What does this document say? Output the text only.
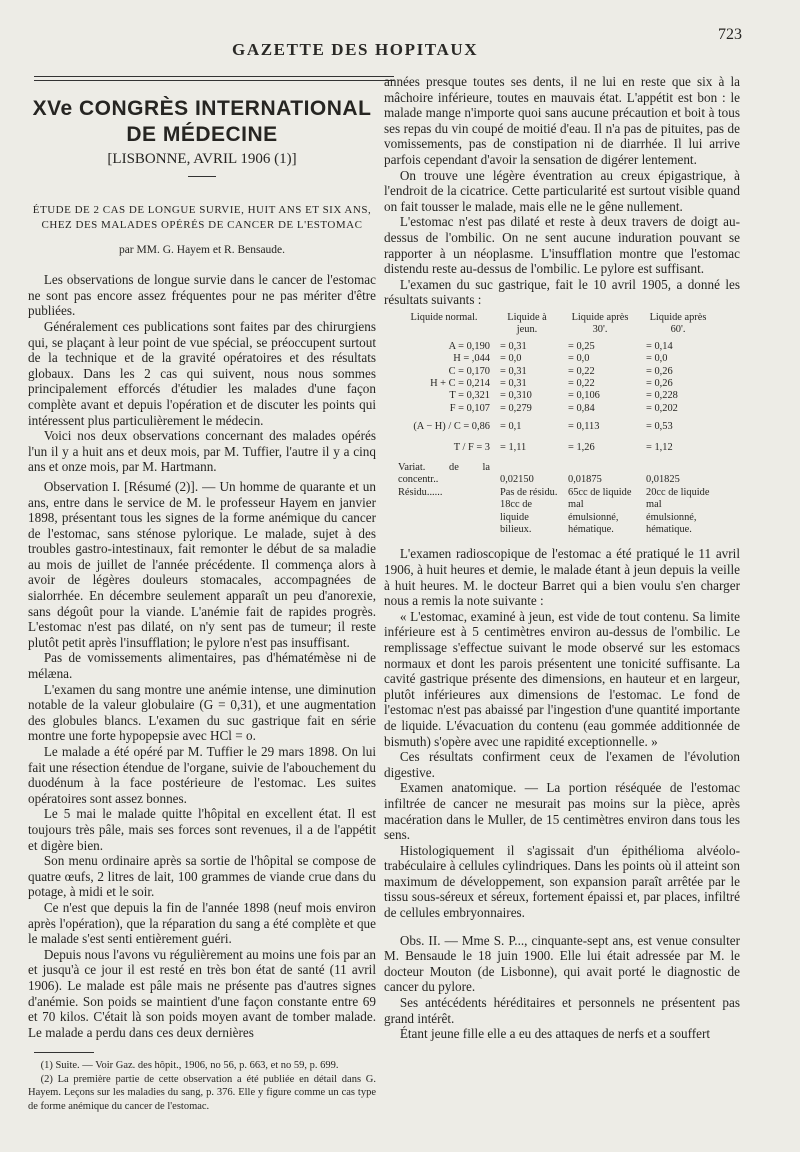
GAZETTE DES HOPITAUX
723
XVe CONGRÈS INTERNATIONAL DE MÉDECINE
[LISBONNE, AVRIL 1906 (1)]
ÉTUDE DE 2 CAS DE LONGUE SURVIE, HUIT ANS ET SIX ANS,
CHEZ DES MALADES OPÉRÉS DE CANCER DE L'ESTOMAC
par MM. G. Hayem et R. Bensaude.

Les observations de longue survie dans le cancer de l'estomac ne sont pas encore assez fréquentes pour ne pas mériter d'être publiées.

Généralement ces publications sont faites par des chirurgiens qui, se plaçant à leur point de vue spécial, se préoccupent surtout de la technique et de la gravité opératoires et des résultats globaux. Dans les 2 cas qui suivent, nous nous sommes principalement efforcés d'étudier les malades d'une façon complète avant et depuis l'opération et de discuter les points qui intéressent plus particulièrement le médecin.

Voici nos deux observations concernant des malades opérés l'un il y a huit ans et deux mois, par M. Tuffier, l'autre il y a cinq ans et onze mois, par M. Hartmann.

Observation I. [Résumé (2)]. — Un homme de quarante et un ans, entre dans le service de M. le professeur Hayem en janvier 1898, présentant tous les signes de la forme anémique du cancer de l'estomac, sans sténose pylorique. Le malade, sujet à des troubles gastro-intestinaux, fait remonter le début de sa maladie au mois de juillet de l'année précédente. Il commença alors à avoir de légères douleurs stomacales, accompagnées de sialorrhée. En décembre seulement apparaît un peu d'anorexie, sans dégoût pour la viande. L'anémie fait de rapides progrès. L'estomac n'est pas dilaté, on n'y sent pas de tumeur; il reste plutôt petit après l'insufflation; le pylore n'est pas insuffisant.

Pas de vomissements alimentaires, pas d'hématémèse ni de mélæna.

L'examen du sang montre une anémie intense, une diminution notable de la valeur globulaire (G = 0,31), et une augmentation des globules blancs. L'examen du suc gastrique fait en série montre une forte hypopepsie avec HCl = o.

Le malade a été opéré par M. Tuffier le 29 mars 1898. On lui fait une résection étendue de l'organe, suivie de l'abouchement du duodénum à la face postérieure de l'estomac. Les suites opératoires sont assez bonnes.

Le 5 mai le malade quitte l'hôpital en excellent état. Il est toujours très pâle, mais ses forces sont revenues, il a de l'appétit et digère bien.

Son menu ordinaire après sa sortie de l'hôpital se compose de quatre œufs, 2 litres de lait, 100 grammes de viande crue dans du potage, à midi et le soir.

Ce n'est que depuis la fin de l'année 1898 (neuf mois environ après l'opération), que la réparation du sang a été complète et que le malade s'est senti entièrement guéri.

Depuis nous l'avons vu régulièrement au moins une fois par an et jusqu'à ce jour il est resté en très bon état de santé (11 avril 1906). Le malade est pâle mais ne présente pas d'autres signes d'anémie. Son poids se maintient d'une façon constante entre 69 et 70 kilos. C'était là son poids moyen avant de tomber malade. Le malade a perdu dans ces deux dernières

(1) Suite. — Voir Gaz. des hôpit., 1906, no 56, p. 663, et no 59, p. 699.

(2) La première partie de cette observation a été publiée en détail dans G. Hayem. Leçons sur les maladies du sang, p. 376. Elle y figure comme un cas type de forme anémique du cancer de l'estomac.

années presque toutes ses dents, il ne lui en reste que six à la mâchoire inférieure, toutes en mauvais état. L'appétit est bon : le malade mange n'importe quoi sans aucune précaution et boit à tous ses repas du vin coupé de moitié d'eau. Il n'a pas de pituites, pas de vomissements, pas de constipation ni de diarrhée. Il lui arrive parfois cependant d'avoir la sensation de digérer lentement.

On trouve une légère éventration au creux épigastrique, à l'endroit de la cicatrice. Cette particularité est surtout visible quand on fait tousser le malade, mais elle ne le gêne nullement.

L'estomac n'est pas dilaté et reste à deux travers de doigt au-dessus de l'ombilic. On ne sent aucune induration pouvant se rapporter à un néoplasme. L'insufflation montre que l'estomac distendu reste au-dessus de l'ombilic. Le pylore est suffisant.

L'examen du suc gastrique, fait le 10 avril 1905, a donné les résultats suivants :

Liquide normal.	Liquide à jeun.	Liquide après 30'.	Liquide après 60'.
A = 0,190	= 0,31	= 0,25	= 0,14
H = ,044	= 0,0	= 0,0	= 0,0
C = 0,170	= 0,31	= 0,22	= 0,26
H + C = 0,214	= 0,31	= 0,22	= 0,26
T = 0,321	= 0,310	= 0,106	= 0,228
F = 0,107	= 0,279	= 0,84	= 0,202
(A − H) / C = 0,86	= 0,1	= 0,113	= 0,53
T / F = 3	= 1,11	= 1,26	= 1,12
Variat. de la concentr..	0,02150	0,01875	0,01825
Résidu......	Pas de résidu. 18cc de liquide bilieux.	65cc de liquide mal émulsionné, hématique.	20cc de liquide mal émulsionné, hématique.

L'examen radioscopique de l'estomac a été pratiqué le 11 avril 1906, à huit heures et demie, le malade étant à jeun depuis la veille à huit heures. M. le docteur Barret qui a bien voulu s'en charger nous a remis la note suivante :

« L'estomac, examiné à jeun, est vide de tout contenu. Sa limite inférieure est à 5 centimètres environ au-dessus de l'ombilic. Le remplissage s'effectue suivant le mode observé sur les estomacs normaux et dont les parois présentent une tonicité suffisante. La cavité gastrique présente des dimensions, en hauteur et en largeur, plutôt inférieures aux dimensions de l'estomac. Le fond de l'estomac n'est pas abaissé par l'ingestion d'une quantité importante de liquide. L'évacuation du contenu (eau gommée additionnée de bismuth) s'opère avec une rapidité exceptionnelle. »

Ces résultats confirment ceux de l'examen de l'évolution digestive.

Examen anatomique. — La portion réséquée de l'estomac infiltrée de cancer ne mesurait pas moins sur la pièce, après macération dans le Muller, de 15 centimètres environ dans tous les sens.

Histologiquement il s'agissait d'un épithélioma alvéolo-trabéculaire à cellules cylindriques. Dans les points où il atteint son maximum de développement, son expansion paraît arrêtée par le tissu sous-séreux et séreux, fortement épaissi et, par places, infiltré de cellules embryonnaires.

Obs. II. — Mme S. P..., cinquante-sept ans, est venue consulter M. Bensaude le 18 juin 1900. Elle lui était adressée par M. le docteur Mouton (de Lisbonne), qui avait porté le diagnostic de cancer du pylore.

Ses antécédents héréditaires et personnels ne présentent pas grand intérêt.

Étant jeune fille elle a eu des attaques de nerfs et a souffert
